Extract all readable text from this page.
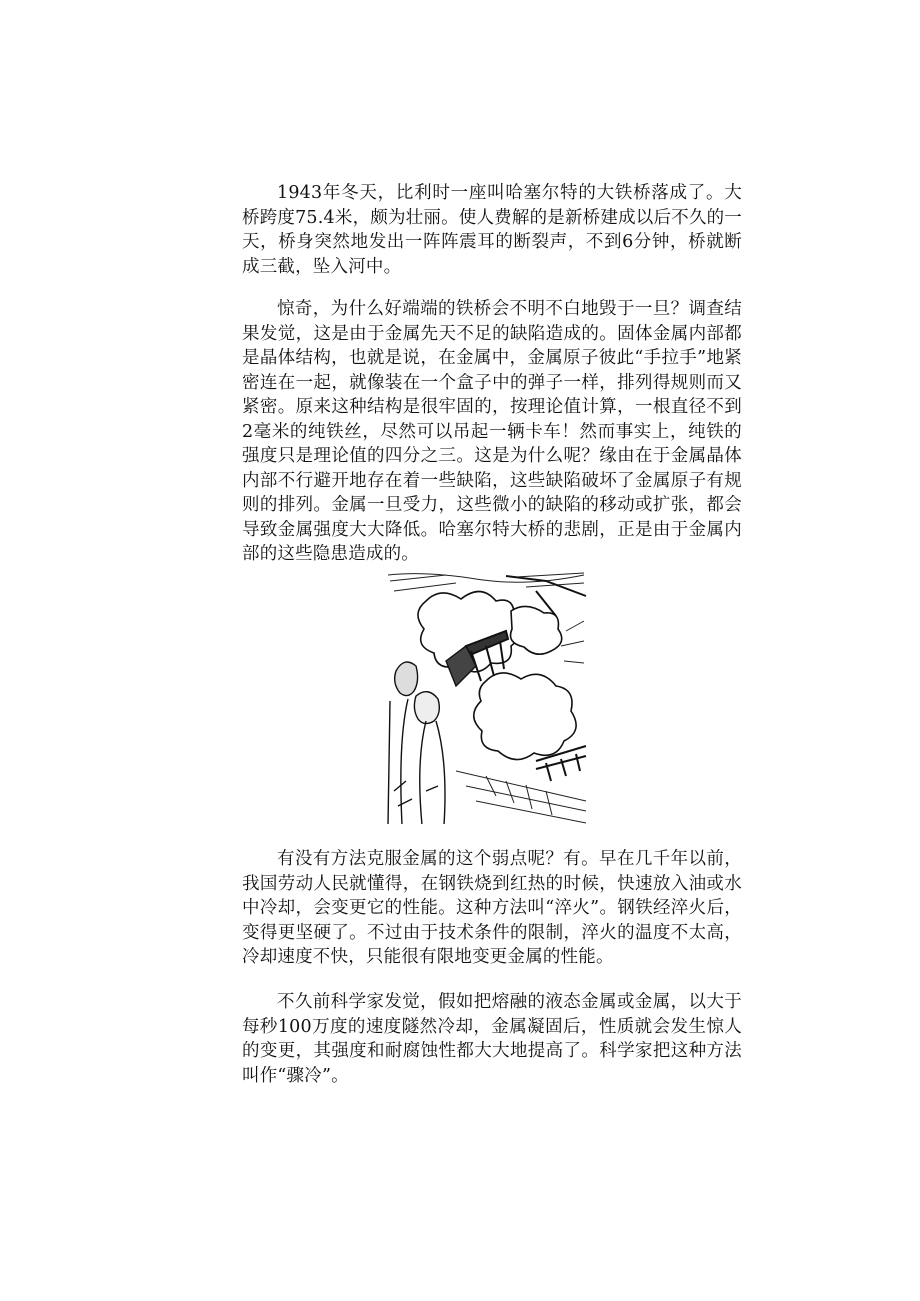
1943年冬天，比利时一座叫哈塞尔特的大铁桥落成了。大桥跨度75.4米，颇为壮丽。使人费解的是新桥建成以后不久的一天，桥身突然地发出一阵阵震耳的断裂声，不到6分钟，桥就断成三截，坠入河中。

惊奇，为什么好端端的铁桥会不明不白地毁于一旦？调查结果发觉，这是由于金属先天不足的缺陷造成的。固体金属内部都是晶体结构，也就是说，在金属中，金属原子彼此“手拉手”地紧密连在一起，就像装在一个盒子中的弹子一样，排列得规则而又紧密。原来这种结构是很牢固的，按理论值计算，一根直径不到2毫米的纯铁丝，尽然可以吊起一辆卡车！然而事实上，纯铁的强度只是理论值的四分之三。这是为什么呢？缘由在于金属晶体内部不行避开地存在着一些缺陷，这些缺陷破坏了金属原子有规则的排列。金属一旦受力，这些微小的缺陷的移动或扩张，都会导致金属强度大大降低。哈塞尔特大桥的悲剧，正是由于金属内部的这些隐患造成的。

有没有方法克服金属的这个弱点呢？有。早在几千年以前，我国劳动人民就懂得，在钢铁烧到红热的时候，快速放入油或水中冷却，会变更它的性能。这种方法叫“淬火”。钢铁经淬火后，变得更坚硬了。不过由于技术条件的限制，淬火的温度不太高，冷却速度不快，只能很有限地变更金属的性能。

不久前科学家发觉，假如把熔融的液态金属或金属，以大于每秒100万度的速度隧然冷却，金属凝固后，性质就会发生惊人的变更，其强度和耐腐蚀性都大大地提高了。科学家把这种方法叫作“骤冷”。
